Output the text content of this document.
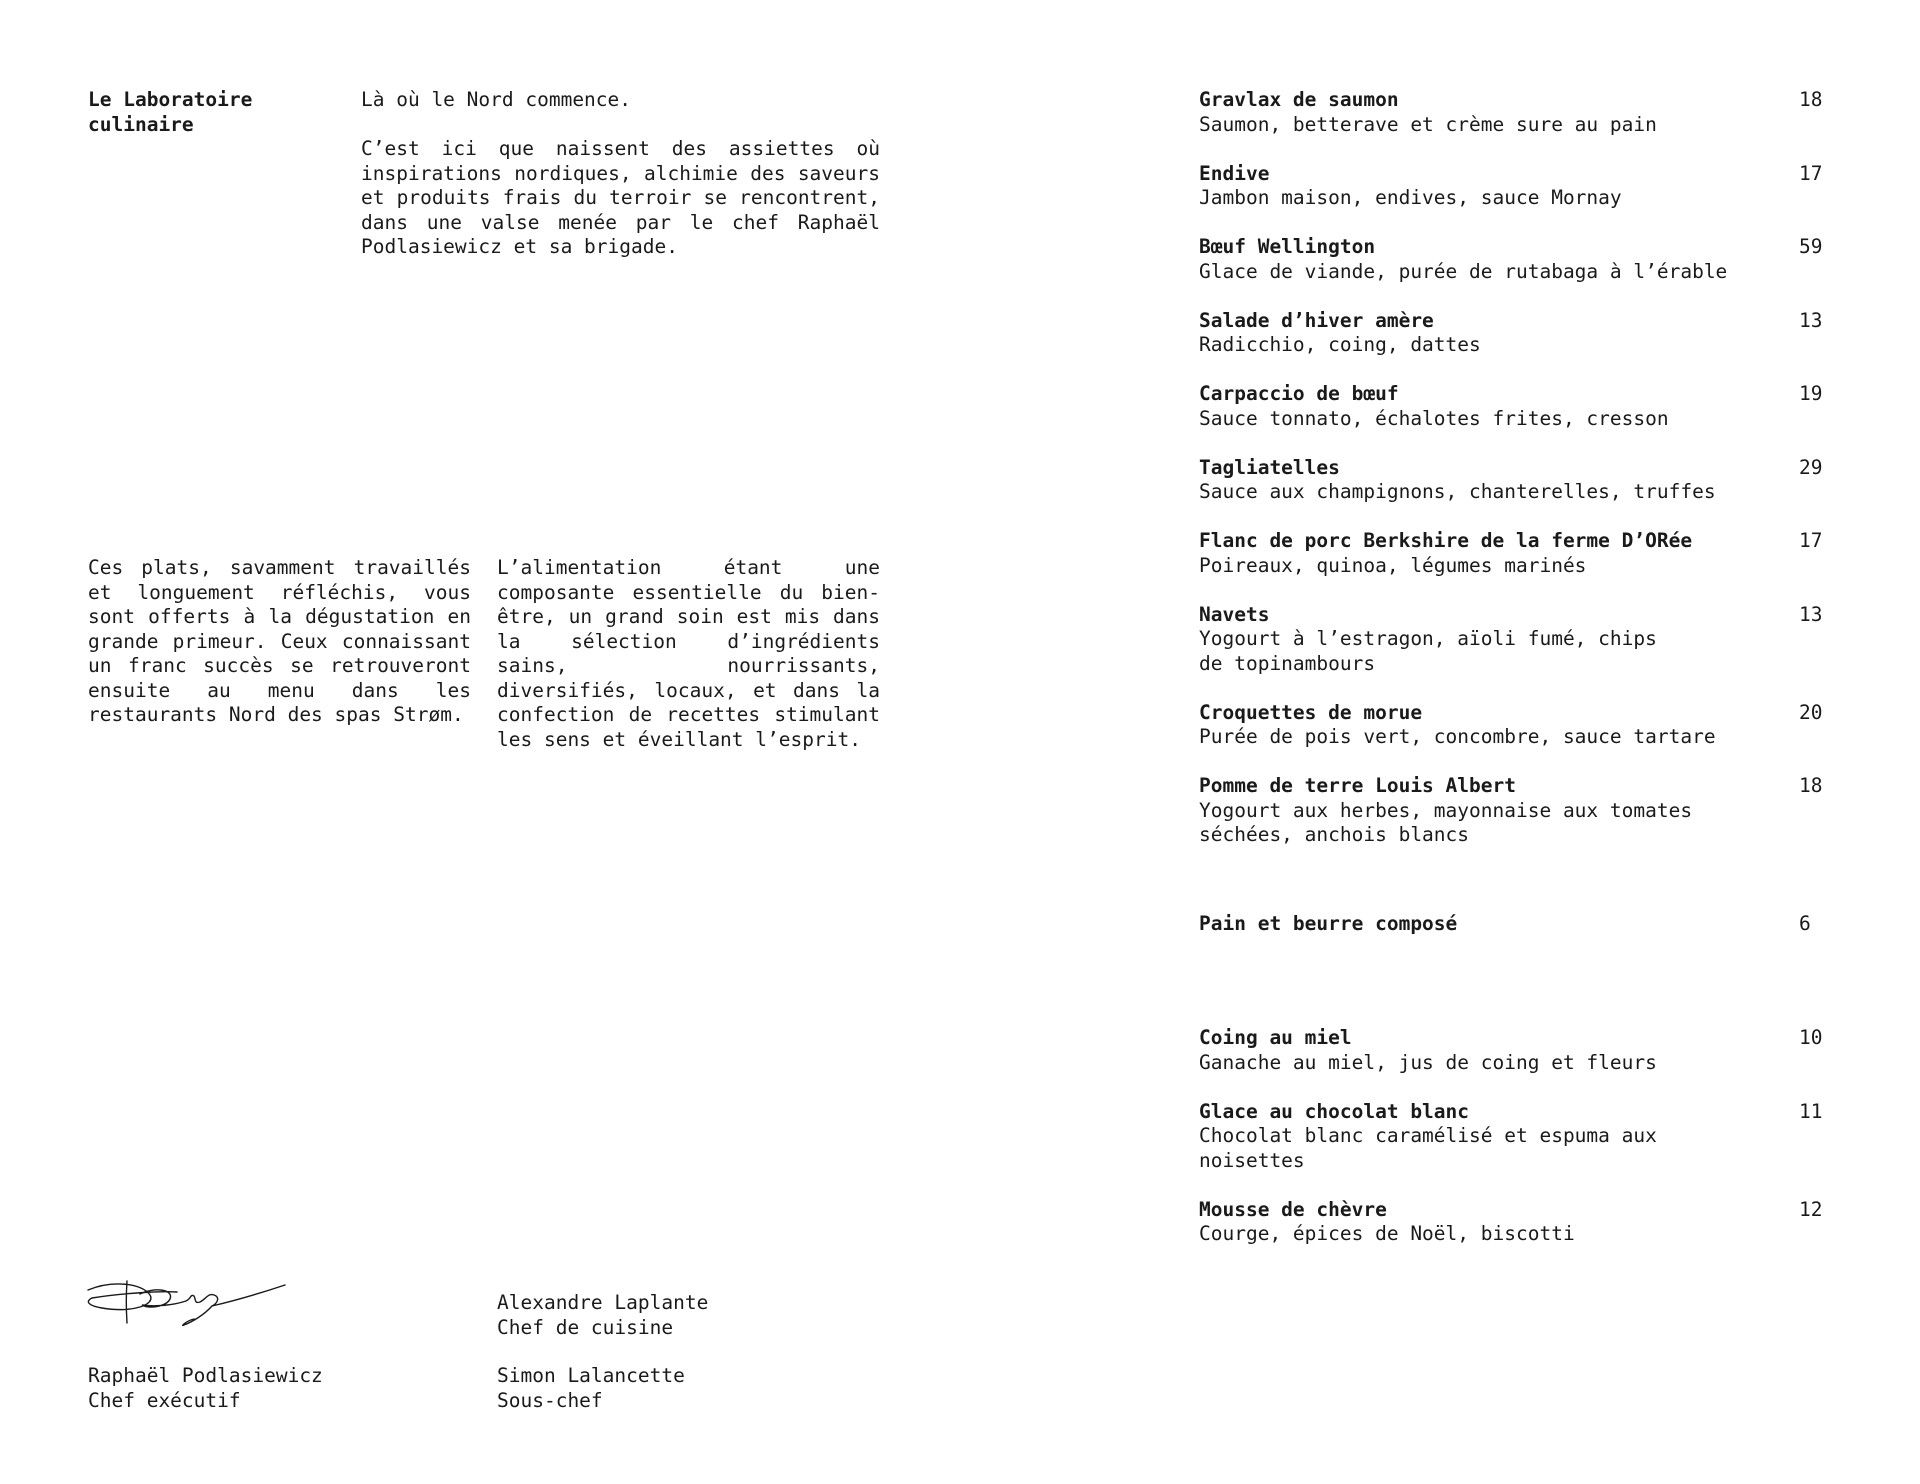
Le Laboratoire
culinaire

Là où le Nord commence.

C’est ici que naissent des assiettes où inspirations nordiques, alchimie des saveurs et produits frais du terroir se rencontrent, dans une valse menée par le chef Raphaël Podlasiewicz et sa brigade.

Ces plats, savamment travaillés et longuement réfléchis, vous sont offerts à la dégustation en grande primeur. Ceux connaissant un franc succès se retrouveront ensuite au menu dans les restaurants Nord des spas Strøm.

L’alimentation étant une composante essentielle du bien-être, un grand soin est mis dans la sélection d’ingrédients sains, nourrissants, diversifiés, locaux, et dans la confection de recettes stimulant les sens et éveillant l’esprit.

Raphaël Podlasiewicz
Chef exécutif
Alexandre Laplante
Chef de cuisine
Simon Lalancette
Sous-chef
Gravlax de saumon
Saumon, betterave et crème sure au pain
18
Endive
Jambon maison, endives, sauce Mornay
17
Bœuf Wellington
Glace de viande, purée de rutabaga à l’érable
59
Salade d’hiver amère
Radicchio, coing, dattes
13
Carpaccio de bœuf
Sauce tonnato, échalotes frites, cresson
19
Tagliatelles
Sauce aux champignons, chanterelles, truffes
29
Flanc de porc Berkshire de la ferme D’ORée
Poireaux, quinoa, légumes marinés
17
Navets
Yogourt à l’estragon, aïoli fumé, chips
de topinambours
13
Croquettes de morue
Purée de pois vert, concombre, sauce tartare
20
Pomme de terre Louis Albert
Yogourt aux herbes, mayonnaise aux tomates
séchées, anchois blancs
18
Pain et beurre composé	6
Coing au miel
Ganache au miel, jus de coing et fleurs
10
Glace au chocolat blanc
Chocolat blanc caramélisé et espuma aux noisettes
11
Mousse de chèvre
Courge, épices de Noël, biscotti
12
